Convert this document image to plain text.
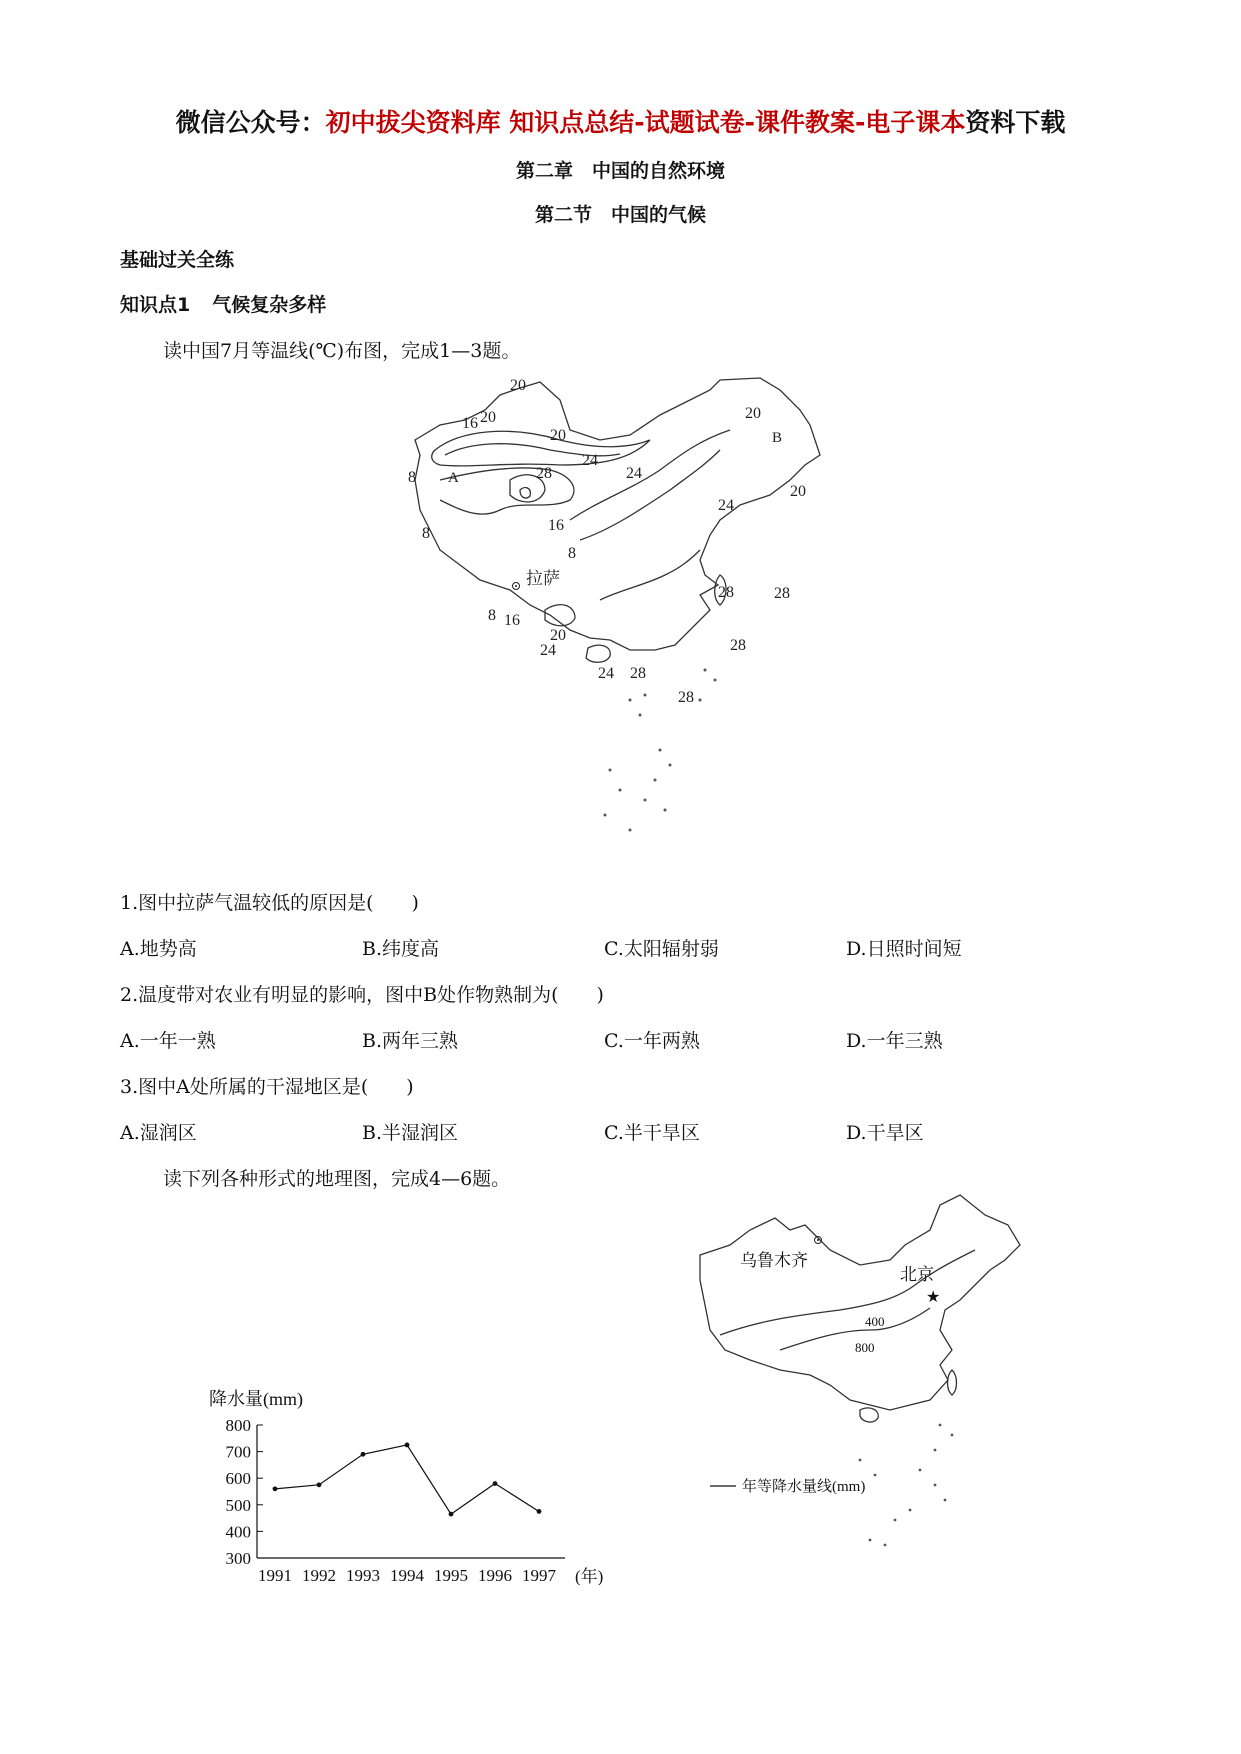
微信公众号：初中拔尖资料库 知识点总结-试题试卷-课件教案-电子课本资料下载
第二章　中国的自然环境
第二节　中国的气候
基础过关全练
知识点1 气候复杂多样
读中国7月等温线(℃)布图，完成1—3题。
20
16 20
20
24
28
A
8
8
24
16
8
拉萨
8 16
20
24
24 28
28
28
28
20
B
20
24
28
1.图中拉萨气温较低的原因是(　　)
A.地势高	B.纬度高	C.太阳辐射弱	D.日照时间短
2.温度带对农业有明显的影响，图中B处作物熟制为(　　)
A.一年一熟	B.两年三熟	C.一年两熟	D.一年三熟
3.图中A处所属的干湿地区是(　　)
A.湿润区	B.半湿润区	C.半干旱区	D.干旱区
读下列各种形式的地理图，完成4—6题。
降水量(mm)
800
700
600
500
400
300
1991 1992 1993 1994 1995 1996 1997 (年)
乌鲁木齐
北京
★
400
800
年等降水量线(mm)
